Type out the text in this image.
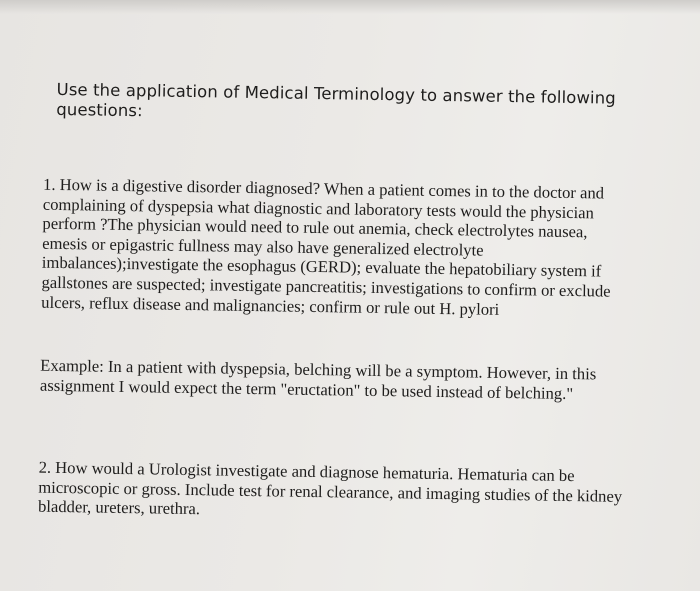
Use the application of Medical Terminology to answer the following questions:

1. How is a digestive disorder diagnosed? When a patient comes in to the doctor and complaining of dyspepsia what diagnostic and laboratory tests would the physician perform ?The physician would need to rule out anemia, check electrolytes nausea, emesis or epigastric fullness may also have generalized electrolyte imbalances);investigate the esophagus (GERD); evaluate the hepatobiliary system if gallstones are suspected; investigate pancreatitis; investigations to confirm or exclude ulcers, reflux disease and malignancies; confirm or rule out H. pylori

Example: In a patient with dyspepsia, belching will be a symptom. However, in this assignment I would expect the term "eructation" to be used instead of belching."

2. How would a Urologist investigate and diagnose hematuria. Hematuria can be microscopic or gross. Include test for renal clearance, and imaging studies of the kidney bladder, ureters, urethra.
